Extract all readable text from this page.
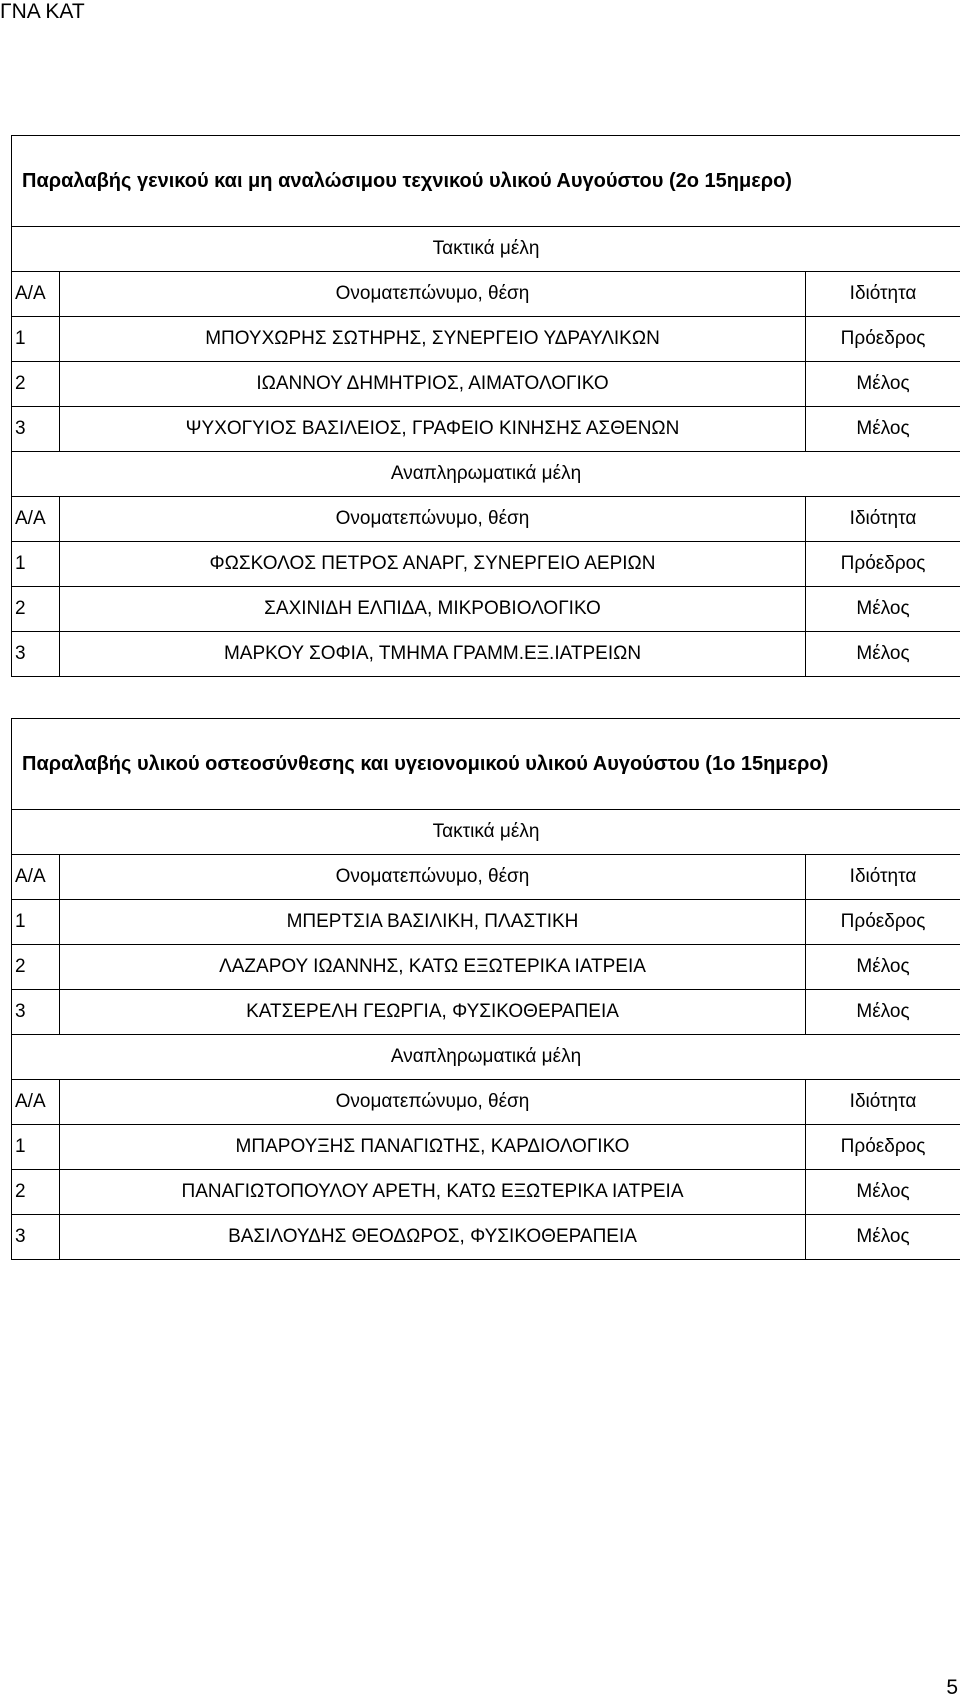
ΓΝΑ ΚΑΤ
Παραλαβής γενικού και μη αναλώσιμου τεχνικού υλικού Αυγούστου (2ο 15ημερο)		
Τακτικά μέλη		
Α/Α	Ονοματεπώνυμο, θέση	Ιδιότητα
1	ΜΠΟΥΧΩΡΗΣ ΣΩΤΗΡΗΣ, ΣΥΝΕΡΓΕΙΟ ΥΔΡΑΥΛΙΚΩΝ	Πρόεδρος
2	ΙΩΑΝΝΟΥ ΔΗΜΗΤΡΙΟΣ, ΑΙΜΑΤΟΛΟΓΙΚΟ	Μέλος
3	ΨΥΧΟΓΥΙΟΣ ΒΑΣΙΛΕΙΟΣ, ΓΡΑΦΕΙΟ ΚΙΝΗΣΗΣ ΑΣΘΕΝΩΝ	Μέλος
Αναπληρωματικά μέλη		
Α/Α	Ονοματεπώνυμο, θέση	Ιδιότητα
1	ΦΩΣΚΟΛΟΣ ΠΕΤΡΟΣ ΑΝΑΡΓ, ΣΥΝΕΡΓΕΙΟ ΑΕΡΙΩΝ	Πρόεδρος
2	ΣΑΧΙΝΙΔΗ ΕΛΠΙΔΑ, ΜΙΚΡΟΒΙΟΛΟΓΙΚΟ	Μέλος
3	ΜΑΡΚΟΥ ΣΟΦΙΑ, ΤΜΗΜΑ ΓΡΑΜΜ.ΕΞ.ΙΑΤΡΕΙΩΝ	Μέλος
Παραλαβής υλικού οστεοσύνθεσης και υγειονομικού υλικού Αυγούστου (1ο 15ημερο)		
Τακτικά μέλη		
Α/Α	Ονοματεπώνυμο, θέση	Ιδιότητα
1	ΜΠΕΡΤΣΙΑ ΒΑΣΙΛΙΚΗ, ΠΛΑΣΤΙΚΗ	Πρόεδρος
2	ΛΑΖΑΡΟΥ ΙΩΑΝΝΗΣ, ΚΑΤΩ ΕΞΩΤΕΡΙΚΑ ΙΑΤΡΕΙΑ	Μέλος
3	ΚΑΤΣΕΡΕΛΗ ΓΕΩΡΓΙΑ, ΦΥΣΙΚΟΘΕΡΑΠΕΙΑ	Μέλος
Αναπληρωματικά μέλη		
Α/Α	Ονοματεπώνυμο, θέση	Ιδιότητα
1	ΜΠΑΡΟΥΞΗΣ ΠΑΝΑΓΙΩΤΗΣ, ΚΑΡΔΙΟΛΟΓΙΚΟ	Πρόεδρος
2	ΠΑΝΑΓΙΩΤΟΠΟΥΛΟΥ ΑΡΕΤΗ, ΚΑΤΩ ΕΞΩΤΕΡΙΚΑ ΙΑΤΡΕΙΑ	Μέλος
3	ΒΑΣΙΛΟΥΔΗΣ ΘΕΟΔΩΡΟΣ, ΦΥΣΙΚΟΘΕΡΑΠΕΙΑ	Μέλος
5
